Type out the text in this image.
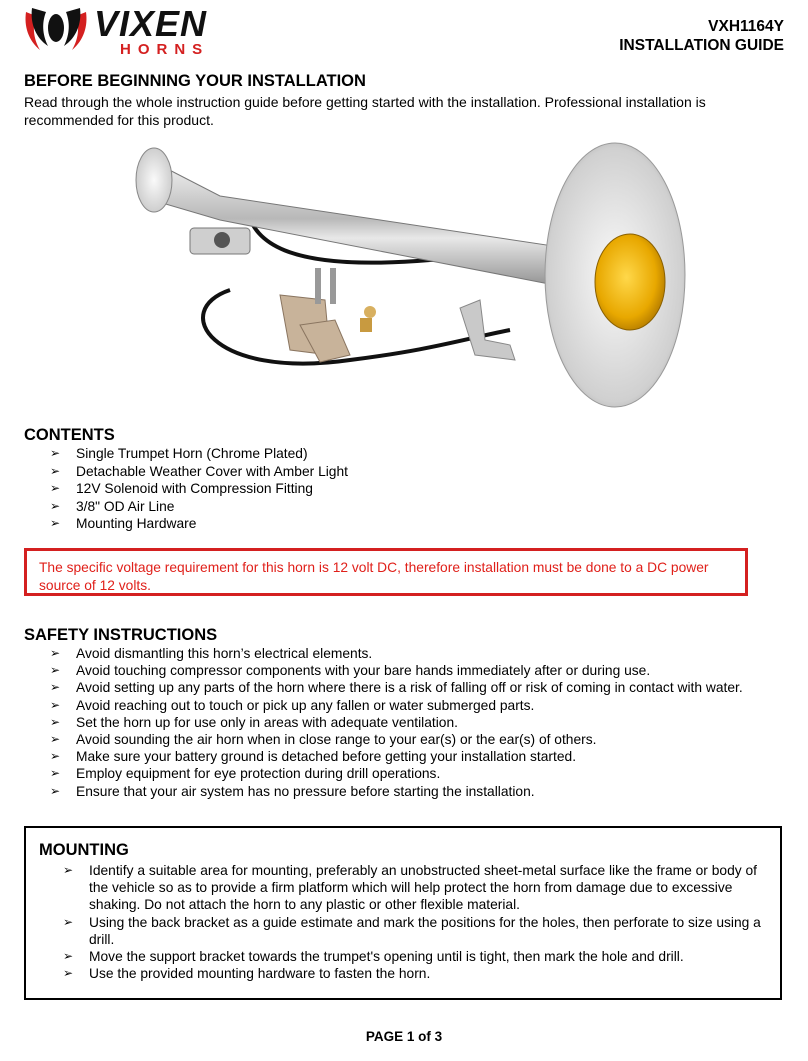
VIXEN
HORNS
VXH1164Y
INSTALLATION GUIDE
BEFORE BEGINNING YOUR INSTALLATION
Read through the whole instruction guide before getting started with the installation. Professional installation is recommended for this product.
CONTENTS
➢ Single Trumpet Horn (Chrome Plated)
➢ Detachable Weather Cover with Amber Light
➢ 12V Solenoid with Compression Fitting
➢ 3/8" OD Air Line
➢ Mounting Hardware
The specific voltage requirement for this horn is 12 volt DC, therefore installation must be done to a DC power source of 12 volts.
SAFETY INSTRUCTIONS
➢ Avoid dismantling this horn’s electrical elements.
➢ Avoid touching compressor components with your bare hands immediately after or during use.
➢ Avoid setting up any parts of the horn where there is a risk of falling off or risk of coming in contact with water.
➢ Avoid reaching out to touch or pick up any fallen or water submerged parts.
➢ Set the horn up for use only in areas with adequate ventilation.
➢ Avoid sounding the air horn when in close range to your ear(s) or the ear(s) of others.
➢ Make sure your battery ground is detached before getting your installation started.
➢ Employ equipment for eye protection during drill operations.
➢ Ensure that your air system has no pressure before starting the installation.
MOUNTING
➢ Identify a suitable area for mounting, preferably an unobstructed sheet-metal surface like the frame or body of the vehicle so as to provide a firm platform which will help protect the horn from damage due to excessive shaking. Do not attach the horn to any plastic or other flexible material.
➢ Using the back bracket as a guide estimate and mark the positions for the holes, then perforate to size using a drill.
➢ Move the support bracket towards the trumpet's opening until is tight, then mark the hole and drill.
➢ Use the provided mounting hardware to fasten the horn.
PAGE 1 of 3
